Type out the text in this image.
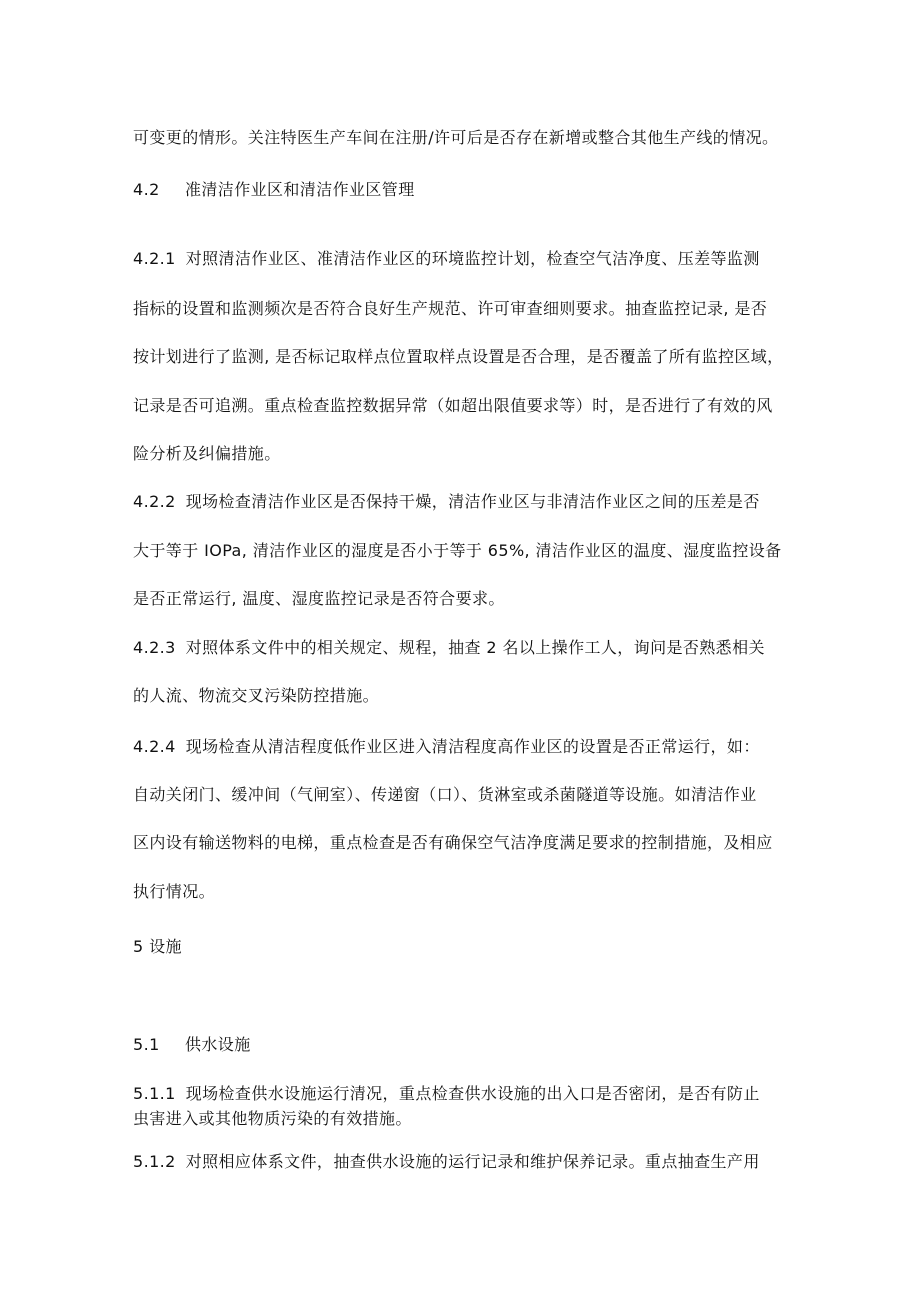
可变更的情形。关注特医生产车间在注册/许可后是否存在新增或整合其他生产线的情况。
4.2 准清洁作业区和清洁作业区管理
4.2.1 对照清洁作业区、准清洁作业区的环境监控计划，检查空气洁净度、压差等监测
指标的设置和监测频次是否符合良好生产规范、许可审查细则要求。抽查监控记录, 是否
按计划进行了监测, 是否标记取样点位置取样点设置是否合理，是否覆盖了所有监控区域，
记录是否可追溯。重点检查监控数据异常（如超出限值要求等）时，是否进行了有效的风
险分析及纠偏措施。
4.2.2 现场检查清洁作业区是否保持干燥，清洁作业区与非清洁作业区之间的压差是否
大于等于 IOPa, 清洁作业区的湿度是否小于等于 65%, 清洁作业区的温度、湿度监控设备
是否正常运行, 温度、湿度监控记录是否符合要求。
4.2.3 对照体系文件中的相关规定、规程，抽查 2 名以上操作工人，询问是否熟悉相关
的人流、物流交叉污染防控措施。
4.2.4 现场检查从清洁程度低作业区进入清洁程度高作业区的设置是否正常运行，如：
自动关闭门、缓冲间（气闸室）、传递窗（口）、货淋室或杀菌隧道等设施。如清洁作业
区内设有输送物料的电梯，重点检查是否有确保空气洁净度满足要求的控制措施，及相应
执行情况。
5 设施
5.1 供水设施
5.1.1 现场检查供水设施运行清况，重点检查供水设施的出入口是否密闭，是否有防止
虫害进入或其他物质污染的有效措施。
5.1.2 对照相应体系文件，抽查供水设施的运行记录和维护保养记录。重点抽查生产用
